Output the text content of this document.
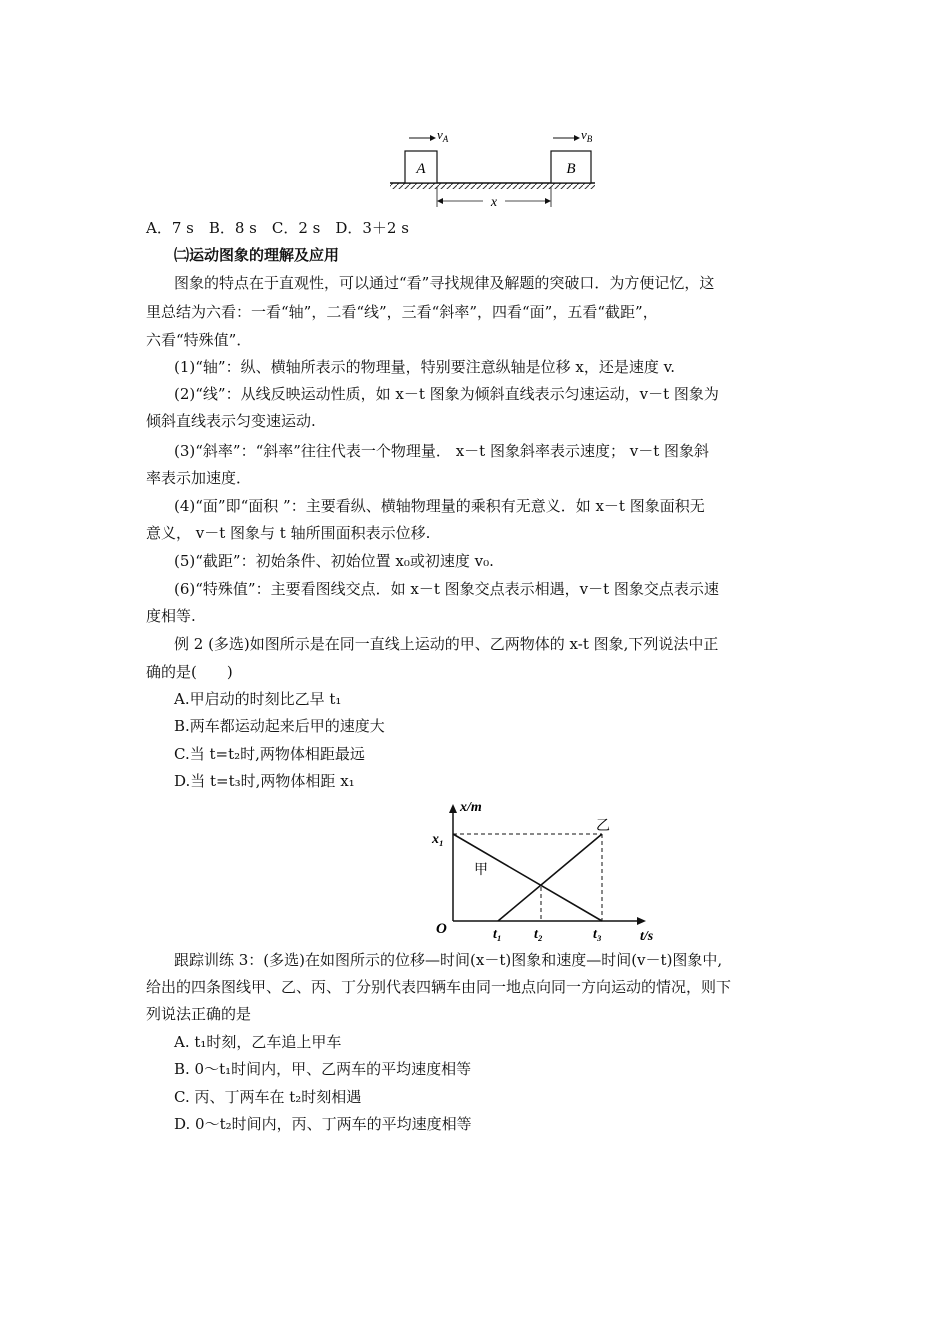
A	B
$v_A$	$v_B$
x
A．7 s　B．8 s　C．2 s　D．3＋2 s
㈡运动图象的理解及应用
图象的特点在于直观性，可以通过“看”寻找规律及解题的突破口．为方便记忆，这
里总结为六看：一看“轴”，二看“线”，三看“斜率”，四看“面”，五看“截距”，
六看“特殊值”．
(1)“轴”：纵、横轴所表示的物理量，特别要注意纵轴是位移 x，还是速度 v.
(2)“线”：从线反映运动性质，如 x－t 图象为倾斜直线表示匀速运动，v－t 图象为
倾斜直线表示匀变速运动.
(3)“斜率”：“斜率”往往代表一个物理量． x－t 图象斜率表示速度； v－t 图象斜
率表示加速度．
(4)“面”即“面积 ”：主要看纵、横轴物理量的乘积有无意义．如 x－t 图象面积无
意义， v－t 图象与 t 轴所围面积表示位移.
(5)“截距”：初始条件、初始位置 x₀或初速度 v₀.
(6)“特殊值”：主要看图线交点．如 x－t 图象交点表示相遇，v－t 图象交点表示速
度相等.
例 2 (多选)如图所示是在同一直线上运动的甲、乙两物体的 x-t 图象,下列说法中正
确的是(　　)
A.甲启动的时刻比乙早 t₁
B.两车都运动起来后甲的速度大
C.当 t=t₂时,两物体相距最远
D.当 t=t₃时,两物体相距 x₁
x/m
t/s
O
x₁
t₁ t₂	t₃
甲
乙
跟踪训练 3：(多选)在如图所示的位移—时间(x－t)图象和速度—时间(v－t)图象中,
给出的四条图线甲、乙、丙、丁分别代表四辆车由同一地点向同一方向运动的情况，则下
列说法正确的是
A. t₁时刻，乙车追上甲车
B. 0～t₁时间内，甲、乙两车的平均速度相等
C. 丙、丁两车在 t₂时刻相遇
D. 0～t₂时间内，丙、丁两车的平均速度相等
